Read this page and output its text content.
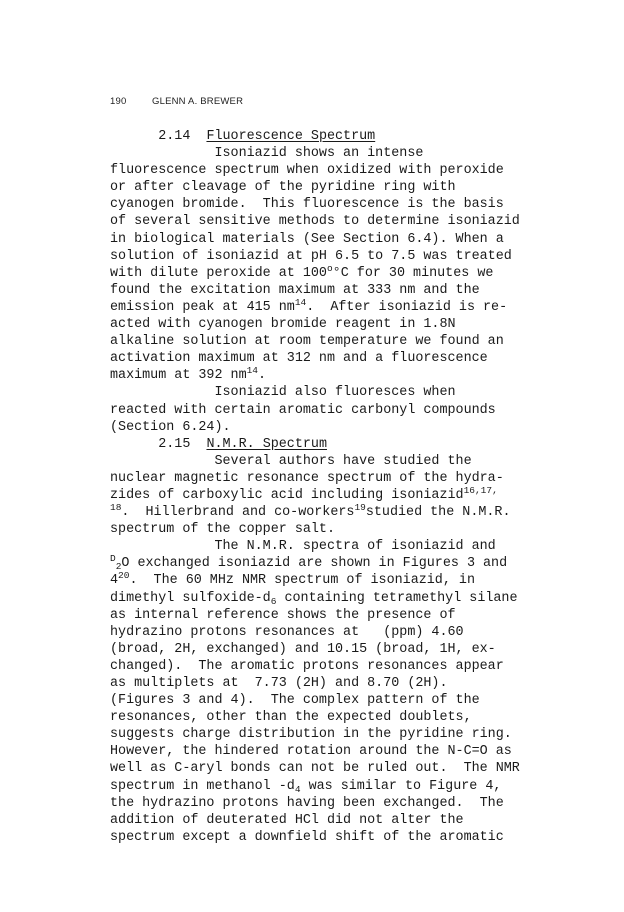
190	GLENN A. BREWER
2.14 Fluorescence Spectrum
Isoniazid shows an intense
fluorescence spectrum when oxidized with peroxide
or after cleavage of the pyridine ring with
cyanogen bromide.  This fluorescence is the basis
of several sensitive methods to determine isoniazid
in biological materials (See Section 6.4). When a
solution of isoniazid at pH 6.5 to 7.5 was treated
with dilute peroxide at 100$^o$°C for 30 minutes we
found the excitation maximum at 333 nm and the
emission peak at 415 $nm^{14}$.  After isoniazid is re-
acted with cyanogen bromide reagent in 1.8N
alkaline solution at room temperature we found an
activation maximum at 312 nm and a fluorescence
maximum at 392 $nm^{14}$.
Isoniazid also fluoresces when
reacted with certain aromatic carbonyl compounds
(Section 6.24).
2.15 N.M.R. Spectrum
Several authors have studied the
nuclear magnetic resonance spectrum of the hydra-
zides of carboxylic acid including isoniazid$^{16,17,}$
$^{18}$.  Hillerbrand and co-workers$^{19}$studied the N.M.R.
spectrum of the copper salt.
The N.M.R. spectra of isoniazid and
$^D_2$O exchanged isoniazid are shown in Figures 3 and
$4^{20}$.  The 60 MHz NMR spectrum of isoniazid, in
dimethyl sulfoxide-$d_6$ containing tetramethyl silane
as internal reference shows the presence of
hydrazino protons resonances at   (ppm) 4.60
(broad, 2H, exchanged) and 10.15 (broad, 1H, ex-
changed).  The aromatic protons resonances appear
as multiplets at  7.73 (2H) and 8.70 (2H).
(Figures 3 and 4).  The complex pattern of the
resonances, other than the expected doublets,
suggests charge distribution in the pyridine ring.
However, the hindered rotation around the N-C=O as
well as C-aryl bonds can not be ruled out.  The NMR
spectrum in methanol $-d_4$ was similar to Figure 4,
the hydrazino protons having been exchanged.  The
addition of deuterated HCl did not alter the
spectrum except a downfield shift of the aromatic
